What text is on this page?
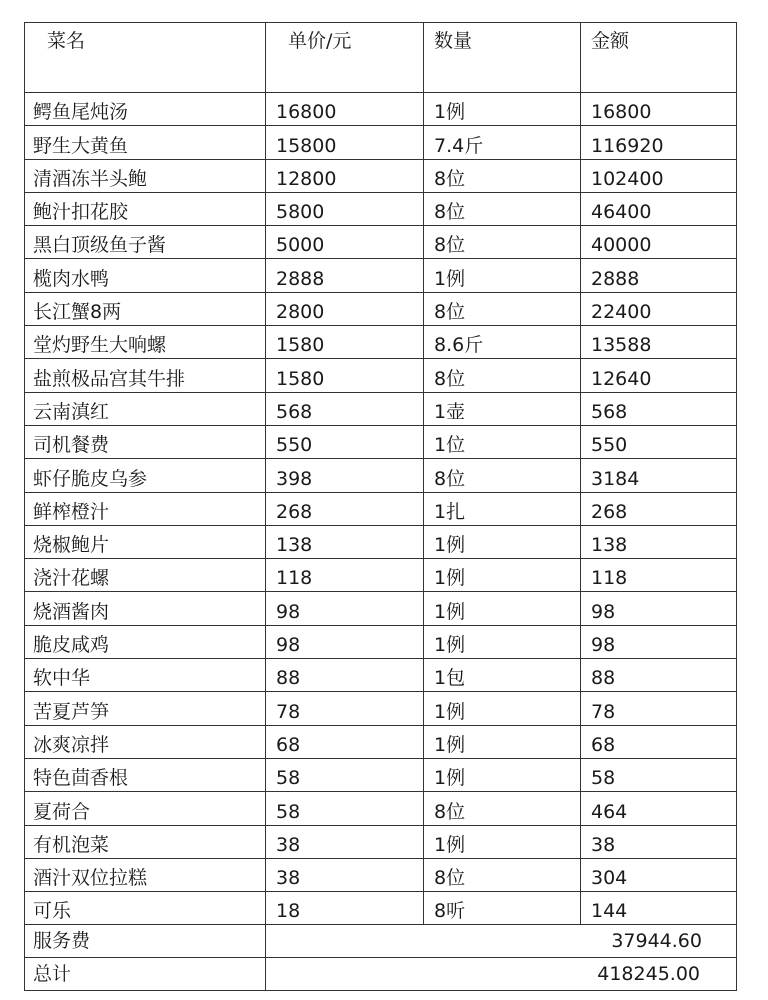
菜名	单价/元	数量	金额
鳄鱼尾炖汤	16800	1例	16800
野生大黄鱼	15800	7.4斤	116920
清酒冻半头鲍	12800	8位	102400
鲍汁扣花胶	5800	8位	46400
黑白顶级鱼子酱	5000	8位	40000
榄肉水鸭	2888	1例	2888
长江蟹8两	2800	8位	22400
堂灼野生大响螺	1580	8.6斤	13588
盐煎极品宫其牛排	1580	8位	12640
云南滇红	568	1壶	568
司机餐费	550	1位	550
虾仔脆皮乌参	398	8位	3184
鲜榨橙汁	268	1扎	268
烧椒鲍片	138	1例	138
浇汁花螺	118	1例	118
烧酒酱肉	98	1例	98
脆皮咸鸡	98	1例	98
软中华	88	1包	88
苦夏芦笋	78	1例	78
冰爽凉拌	68	1例	68
特色茴香根	58	1例	58
夏荷合	58	8位	464
有机泡菜	38	1例	38
酒汁双位拉糕	38	8位	304
可乐	18	8听	144
服务费	37944.60		
总计	418245.00		
